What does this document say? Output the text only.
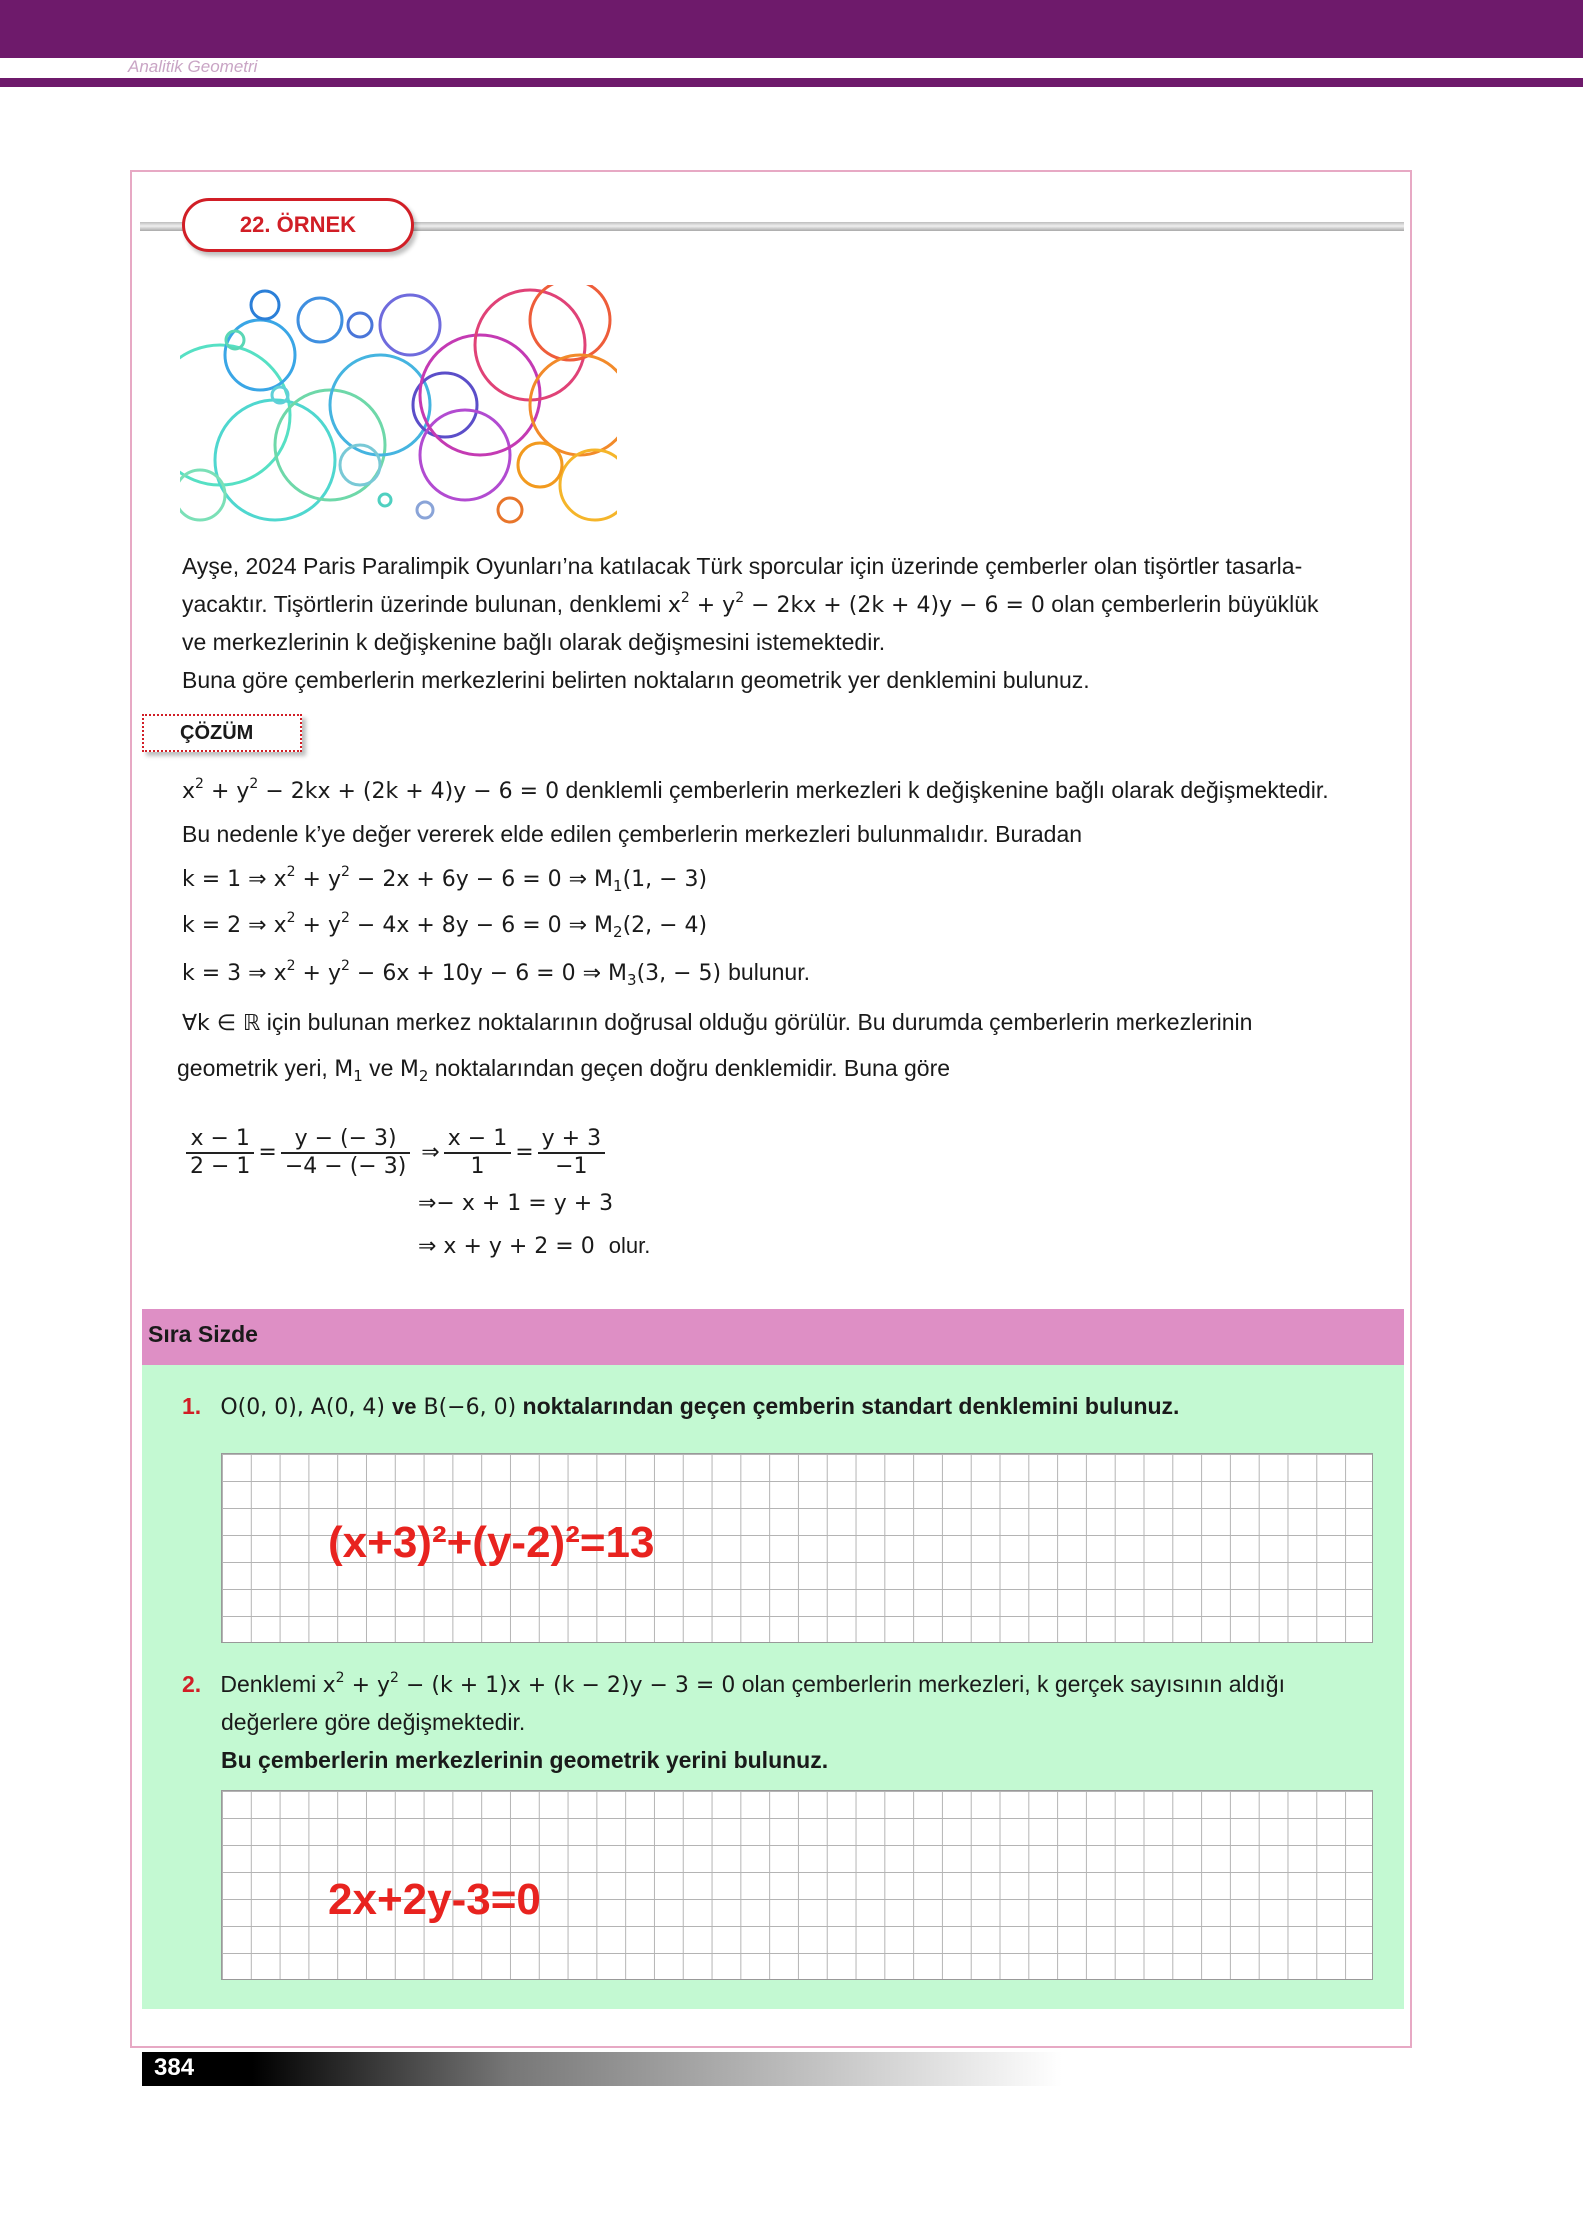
Analitik Geometri
22. ÖRNEK
Ayşe, 2024 Paris Paralimpik Oyunları’na katılacak Türk sporcular için üzerinde çemberler olan tişörtler tasarla-
yacaktır. Tişörtlerin üzerinde bulunan, denklemi $x^2 + y^2 - 2kx + (2k + 4)y - 6 = 0$ olan çemberlerin büyüklük
ve merkezlerinin k değişkenine bağlı olarak değişmesini istemektedir.
Buna göre çemberlerin merkezlerini belirten noktaların geometrik yer denklemini bulunuz.
ÇÖZÜM
$x^2 + y^2 - 2kx + (2k + 4)y - 6 = 0$ denklemli çemberlerin merkezleri k değişkenine bağlı olarak değişmektedir.
Bu nedenle k’ye değer vererek elde edilen çemberlerin merkezleri bulunmalıdır. Buradan
k = 1 ⇒ $x^2 + y^2 - 2x + 6y - 6 = 0$ ⇒ $M_1(1$, − 3)
k = 2 ⇒ $x^2 + y^2 - 4x + 8y - 6 = 0$ ⇒ $M_2(2$, − 4)
k = 3 ⇒ $x^2 + y^2 - 6x + 10y - 6 = 0$ ⇒ $M_3(3$, − 5) bulunur.
∀k ∈ ℝ için bulunan merkez noktalarının doğrusal olduğu görülür. Bu durumda çemberlerin merkezlerinin
geometrik yeri, $M_1$ ve $M_2$ noktalarından geçen doğru denklemidir. Buna göre
$\frac{x - 1}{2 - 1} = \frac{y - (- 3)}{-4 - (- 3)}$ ⇒ $\frac{x - 1}{1} = \frac{y + 3}{-1}$
⇒− x + 1 = y + 3
⇒ x + y + 2 = 0  olur.
Sıra Sizde
1. O(0, 0), A(0, 4) ve B(−6, 0) noktalarından geçen çemberin standart denklemini bulunuz.
(x+3)²+(y-2)²=13
2. Denklemi $x^2 + y^2 - (k + 1)x + (k - 2)y - 3 = 0$ olan çemberlerin merkezleri, k gerçek sayısının aldığı
değerlere göre değişmektedir.
Bu çemberlerin merkezlerinin geometrik yerini bulunuz.
2x+2y-3=0
384
